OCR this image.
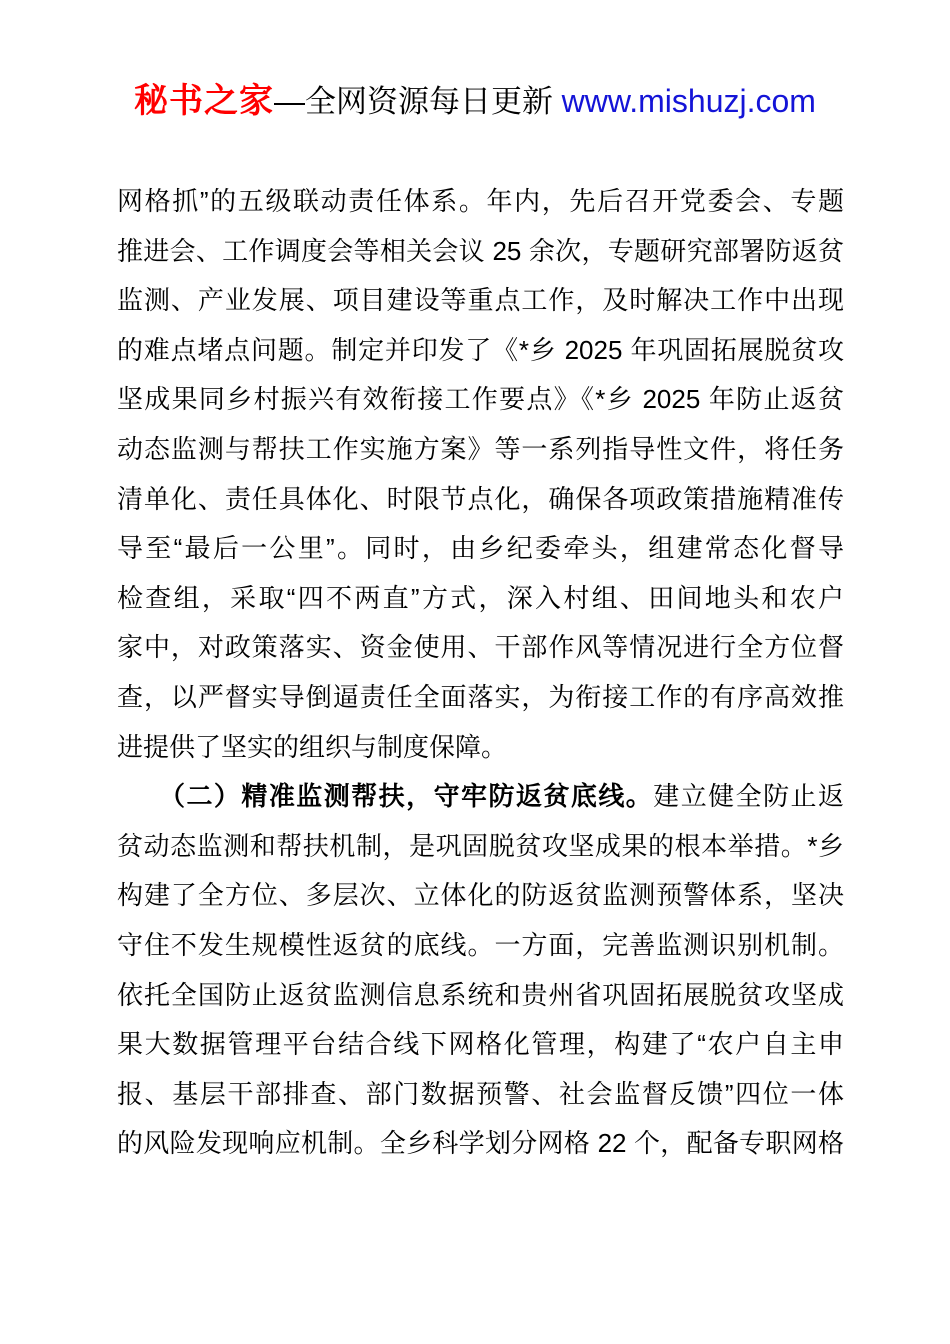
秘书之家—全网资源每日更新 www.mishuzj.com
网格抓”的五级联动责任体系。年内，先后召开党委会、专题
推进会、工作调度会等相关会议 25 余次，专题研究部署防返贫
监测、产业发展、项目建设等重点工作，及时解决工作中出现
的难点堵点问题。制定并印发了《*乡 2025 年巩固拓展脱贫攻
坚成果同乡村振兴有效衔接工作要点》《*乡 2025 年防止返贫
动态监测与帮扶工作实施方案》等一系列指导性文件，将任务
清单化、责任具体化、时限节点化，确保各项政策措施精准传
导至“最后一公里”。同时，由乡纪委牵头，组建常态化督导
检查组，采取“四不两直”方式，深入村组、田间地头和农户
家中，对政策落实、资金使用、干部作风等情况进行全方位督
查，以严督实导倒逼责任全面落实，为衔接工作的有序高效推
进提供了坚实的组织与制度保障。
（二）精准监测帮扶，守牢防返贫底线。建立健全防止返
贫动态监测和帮扶机制，是巩固脱贫攻坚成果的根本举措。*乡
构建了全方位、多层次、立体化的防返贫监测预警体系，坚决
守住不发生规模性返贫的底线。一方面，完善监测识别机制。
依托全国防止返贫监测信息系统和贵州省巩固拓展脱贫攻坚成
果大数据管理平台结合线下网格化管理，构建了“农户自主申
报、基层干部排查、部门数据预警、社会监督反馈”四位一体
的风险发现响应机制。全乡科学划分网格 22 个，配备专职网格
